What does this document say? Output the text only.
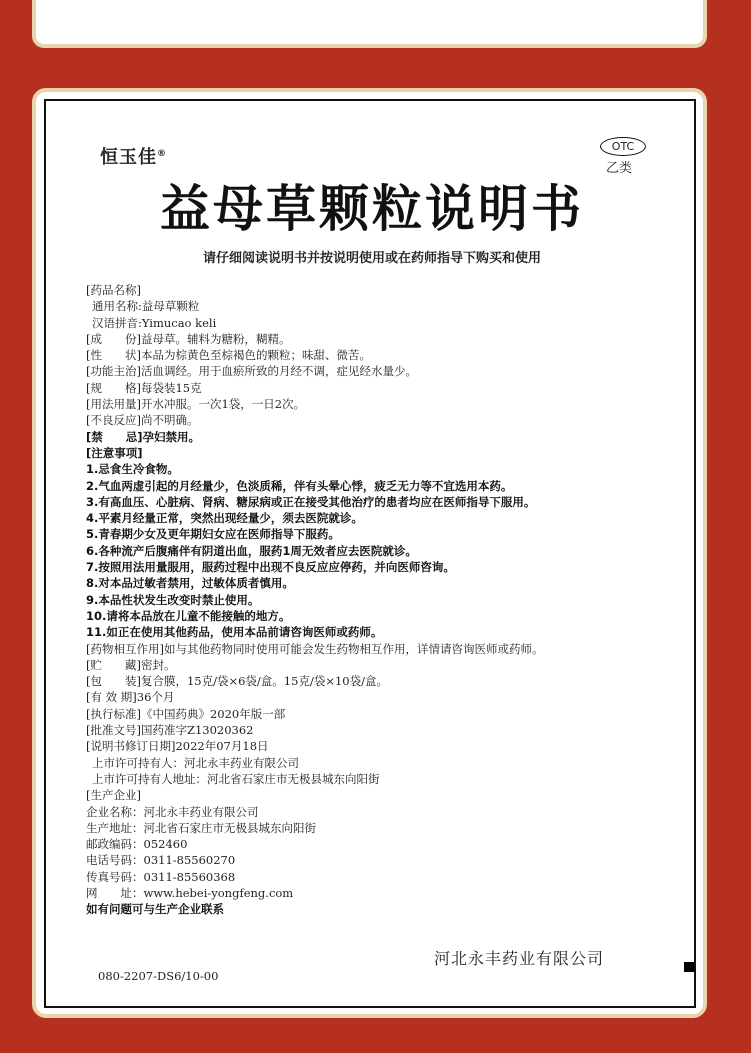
恒玉佳®
OTC
乙类
益母草颗粒说明书
请仔细阅读说明书并按说明使用或在药师指导下购买和使用
[药品名称]
通用名称:益母草颗粒
汉语拼音:Yimucao keli
[成　　份]益母草。辅料为糖粉，糊精。
[性　　状]本品为棕黄色至棕褐色的颗粒；味甜、微苦。
[功能主治]活血调经。用于血瘀所致的月经不调，症见经水量少。
[规　　格]每袋装15克
[用法用量]开水冲服。一次1袋，一日2次。
[不良反应]尚不明确。
[禁　　忌]孕妇禁用。
[注意事项]
1.忌食生冷食物。
2.气血两虚引起的月经量少，色淡质稀，伴有头晕心悸，疲乏无力等不宜选用本药。
3.有高血压、心脏病、肾病、糖尿病或正在接受其他治疗的患者均应在医师指导下服用。
4.平素月经量正常，突然出现经量少，须去医院就诊。
5.青春期少女及更年期妇女应在医师指导下服药。
6.各种流产后腹痛伴有阴道出血，服药1周无效者应去医院就诊。
7.按照用法用量服用，服药过程中出现不良反应应停药，并向医师咨询。
8.对本品过敏者禁用，过敏体质者慎用。
9.本品性状发生改变时禁止使用。
10.请将本品放在儿童不能接触的地方。
11.如正在使用其他药品，使用本品前请咨询医师或药师。
[药物相互作用]如与其他药物同时使用可能会发生药物相互作用，详情请咨询医师或药师。
[贮　　藏]密封。
[包　　装]复合膜，15克/袋×6袋/盒。15克/袋×10袋/盒。
[有 效 期]36个月
[执行标准]《中国药典》2020年版一部
[批准文号]国药准字Z13020362
[说明书修订日期]2022年07月18日
上市许可持有人：河北永丰药业有限公司
上市许可持有人地址：河北省石家庄市无极县城东向阳街
[生产企业]
企业名称：河北永丰药业有限公司
生产地址：河北省石家庄市无极县城东向阳街
邮政编码：052460
电话号码：0311-85560270
传真号码：0311-85560368
网　　址：www.hebei-yongfeng.com
如有问题可与生产企业联系
河北永丰药业有限公司
080-2207-DS6/10-00
